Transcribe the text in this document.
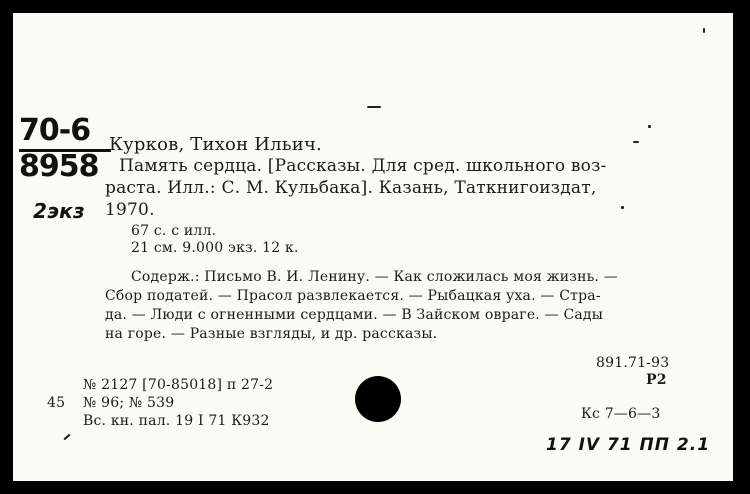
70-6
8958
2экз
Курков, Тихон Ильич.
Память сердца. [Рассказы. Для сред. школьного воз-
раста. Илл.: С. М. Кульбака]. Казань, Таткнигоиздат,
1970.
67 с. с илл.
21 см. 9.000 экз. 12 к.
Содерж.: Письмо В. И. Ленину. — Как сложилась моя жизнь. —
Сбор податей. — Прасол развлекается. — Рыбацкая уха. — Стра-
да. — Люди с огненными сердцами. — В Зайском овраге. — Сады
на горе. — Разные взгляды, и др. рассказы.
891.71-93
Р2
Кс 7—6—3
№ 2127 [70-85018] п 27-2
45 № 96; № 539
Вс. кн. пал. 19 I 71 К932
17 IV 71 ПП 2.1
